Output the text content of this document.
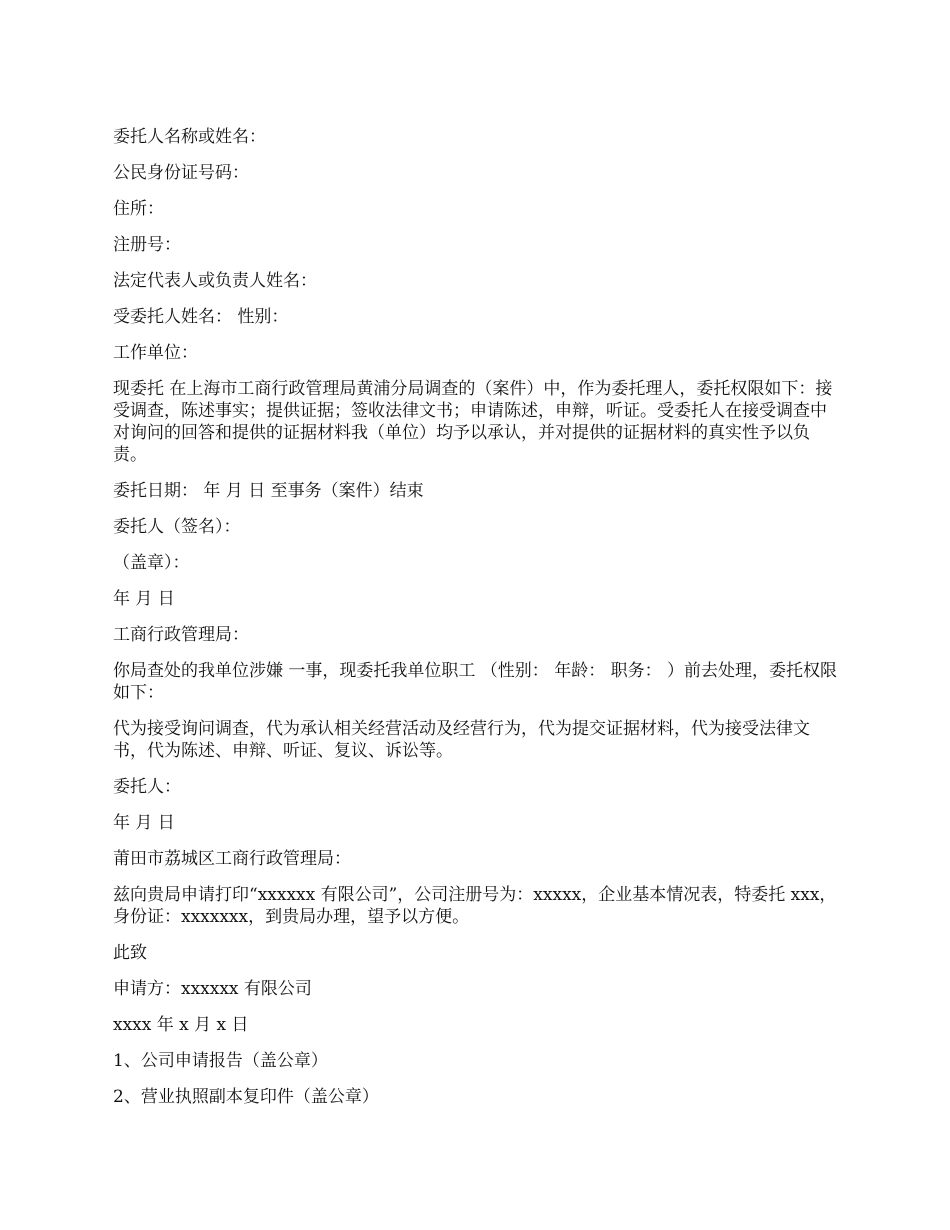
委托人名称或姓名：

公民身份证号码：

住所：

注册号：

法定代表人或负责人姓名：

受委托人姓名： 性别：

工作单位：

现委托 在上海市工商行政管理局黄浦分局调查的（案件）中，作为委托理人，委托权限如下：接受调查，陈述事实；提供证据；签收法律文书；申请陈述，申辩，听证。受委托人在接受调查中对询问的回答和提供的证据材料我（单位）均予以承认，并对提供的证据材料的真实性予以负责。

委托日期： 年 月 日 至事务（案件）结束

委托人（签名）：

（盖章）：

年 月 日

工商行政管理局：

你局查处的我单位涉嫌 一事，现委托我单位职工 （性别： 年龄： 职务： ）前去处理，委托权限如下：

代为接受询问调查，代为承认相关经营活动及经营行为，代为提交证据材料，代为接受法律文书，代为陈述、申辩、听证、复议、诉讼等。

委托人：

年 月 日

莆田市荔城区工商行政管理局：

兹向贵局申请打印“xxxxxx 有限公司”，公司注册号为：xxxxx，企业基本情况表，特委托 xxx，身份证：xxxxxxx，到贵局办理，望予以方便。

此致

申请方：xxxxxx 有限公司

xxxx 年 x 月 x 日

1、公司申请报告（盖公章）

2、营业执照副本复印件（盖公章）
